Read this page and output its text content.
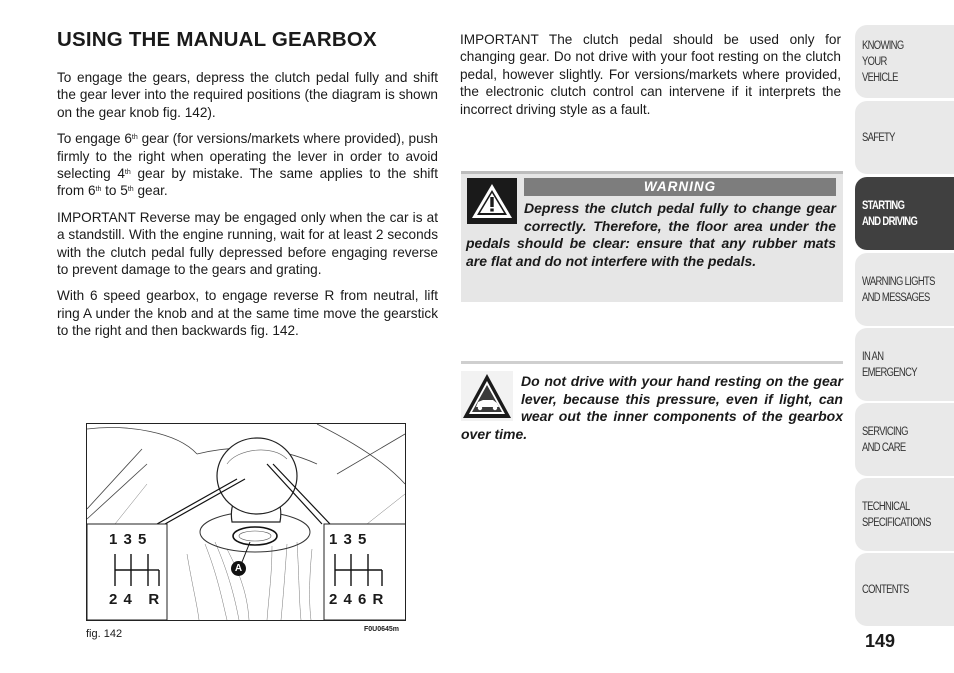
USING THE MANUAL GEARBOX

To engage the gears, depress the clutch pedal fully and shift the gear lever into the required positions (the diagram is shown on the gear knob fig. 142).

To engage 6th gear (for versions/markets where provided), push firmly to the right when operating the lever in order to avoid selecting 4th gear by mistake. The same applies to the shift from 6th to 5th gear.

IMPORTANT Reverse may be engaged only when the car is at a standstill. With the engine running, wait for at least 2 seconds with the clutch pedal fully depressed before engaging reverse to prevent damage to the gears and grating.

With 6 speed gearbox, to engage reverse R from neutral, lift ring A under the knob and at the same time move the gearstick to the right and then backwards fig. 142.

IMPORTANT The clutch pedal should be used only for changing gear. Do not drive with your foot resting on the clutch pedal, however slightly. For versions/markets where provided, the electronic clutch control can intervene if it interprets the incorrect driving style as a fault.

WARNING
Depress the clutch pedal fully to change gear correctly. Therefore, the floor area under the pedals should be clear: ensure that any rubber mats are flat and do not interfere with the pedals.
Do not drive with your hand resting on the gear lever, because this pressure, even if light, can wear out the inner components of the gearbox over time.
1 3 5
2 4   R
1 3 5
2 4 6 R
A
fig. 142	F0U0645m
KNOWING
YOUR
VEHICLE
SAFETY
STARTING
AND DRIVING
WARNING LIGHTS
AND MESSAGES
IN AN
EMERGENCY
SERVICING
AND CARE
TECHNICAL
SPECIFICATIONS
CONTENTS
149
